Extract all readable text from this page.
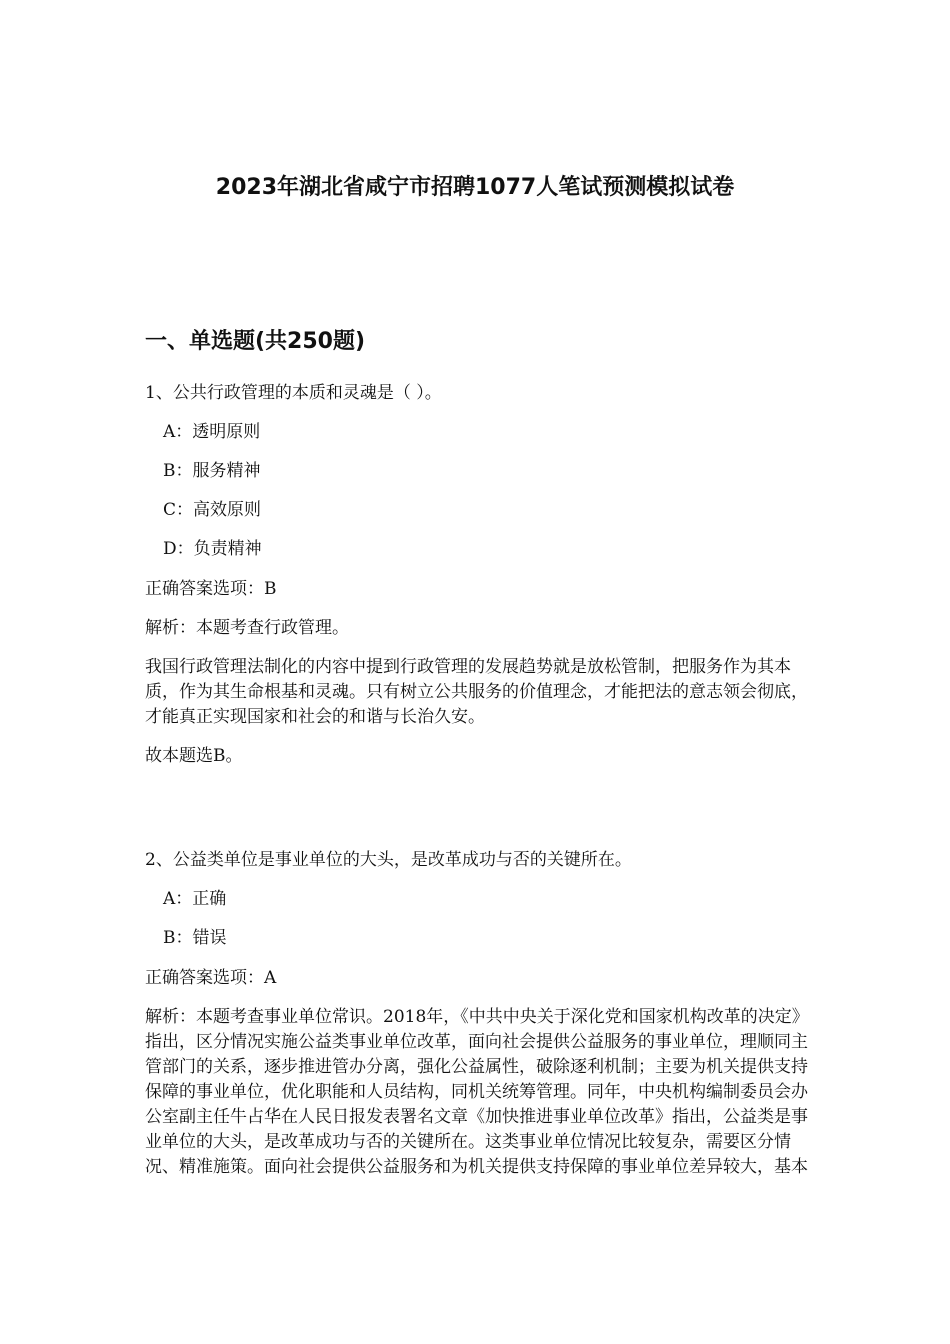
2023年湖北省咸宁市招聘1077人笔试预测模拟试卷
一、单选题(共250题)
1、公共行政管理的本质和灵魂是（ ）。
A：透明原则
B：服务精神
C：高效原则
D：负责精神
正确答案选项：B
解析：本题考查行政管理。
我国行政管理法制化的内容中提到行政管理的发展趋势就是放松管制，把服务作为其本质，作为其生命根基和灵魂。只有树立公共服务的价值理念，才能把法的意志领会彻底，才能真正实现国家和社会的和谐与长治久安。
故本题选B。
2、公益类单位是事业单位的大头，是改革成功与否的关键所在。
A：正确
B：错误
正确答案选项：A
解析：本题考查事业单位常识。2018年，《中共中央关于深化党和国家机构改革的决定》指出，区分情况实施公益类事业单位改革，面向社会提供公益服务的事业单位，理顺同主管部门的关系，逐步推进管办分离，强化公益属性，破除逐利机制；主要为机关提供支持保障的事业单位，优化职能和人员结构，同机关统筹管理。同年，中央机构编制委员会办公室副主任牛占华在人民日报发表署名文章《加快推进事业单位改革》指出，公益类是事业单位的大头，是改革成功与否的关键所在。这类事业单位情况比较复杂，需要区分情况、精准施策。面向社会提供公益服务和为机关提供支持保障的事业单位差异较大，基本
